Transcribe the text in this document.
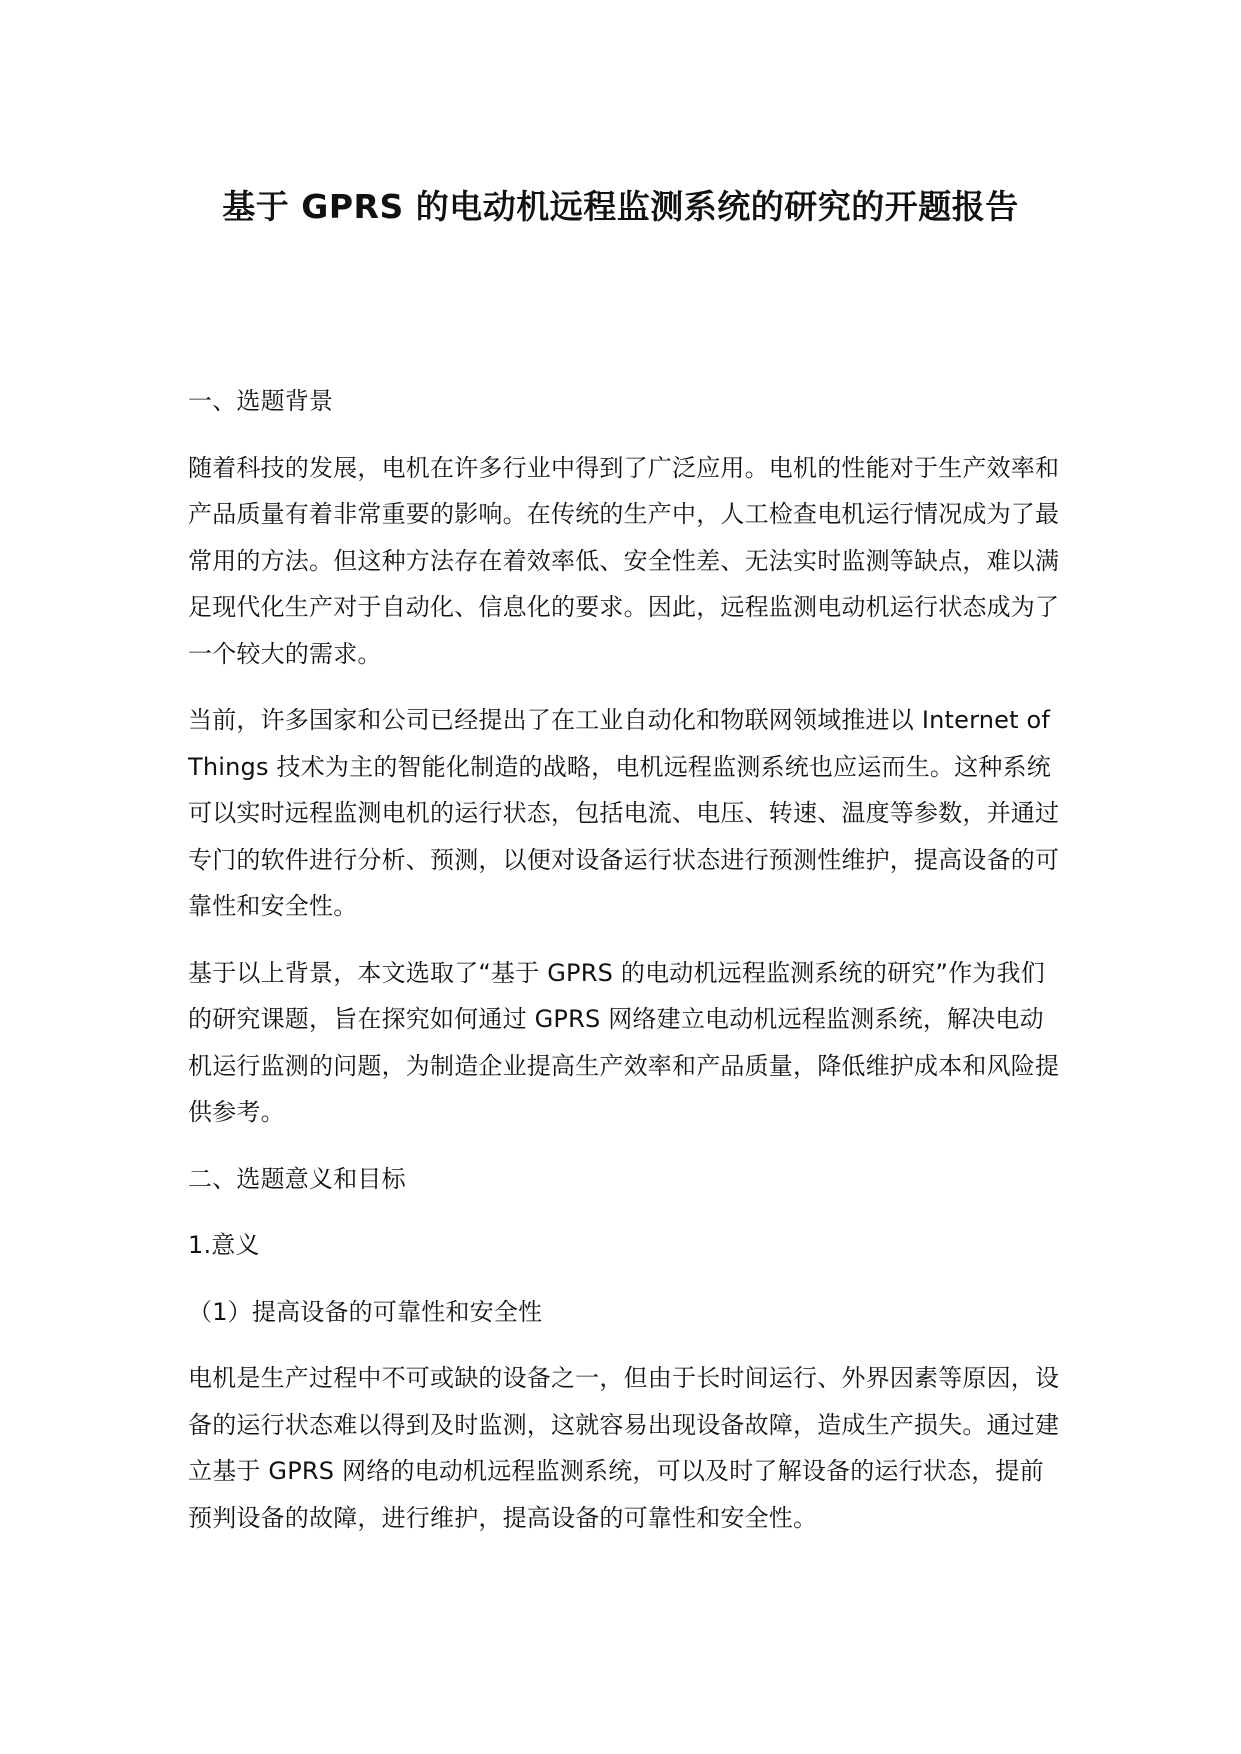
基于 GPRS 的电动机远程监测系统的研究的开题报告

一、选题背景

随着科技的发展，电机在许多行业中得到了广泛应用。电机的性能对于生产效率和产品质量有着非常重要的影响。在传统的生产中，人工检查电机运行情况成为了最常用的方法。但这种方法存在着效率低、安全性差、无法实时监测等缺点，难以满足现代化生产对于自动化、信息化的要求。因此，远程监测电动机运行状态成为了一个较大的需求。

当前，许多国家和公司已经提出了在工业自动化和物联网领域推进以 Internet of Things 技术为主的智能化制造的战略，电机远程监测系统也应运而生。这种系统可以实时远程监测电机的运行状态，包括电流、电压、转速、温度等参数，并通过专门的软件进行分析、预测，以便对设备运行状态进行预测性维护，提高设备的可靠性和安全性。

基于以上背景，本文选取了“基于 GPRS 的电动机远程监测系统的研究”作为我们的研究课题，旨在探究如何通过 GPRS 网络建立电动机远程监测系统，解决电动机运行监测的问题，为制造企业提高生产效率和产品质量，降低维护成本和风险提供参考。

二、选题意义和目标

1.意义

（1）提高设备的可靠性和安全性

电机是生产过程中不可或缺的设备之一，但由于长时间运行、外界因素等原因，设备的运行状态难以得到及时监测，这就容易出现设备故障，造成生产损失。通过建立基于 GPRS 网络的电动机远程监测系统，可以及时了解设备的运行状态，提前预判设备的故障，进行维护，提高设备的可靠性和安全性。
